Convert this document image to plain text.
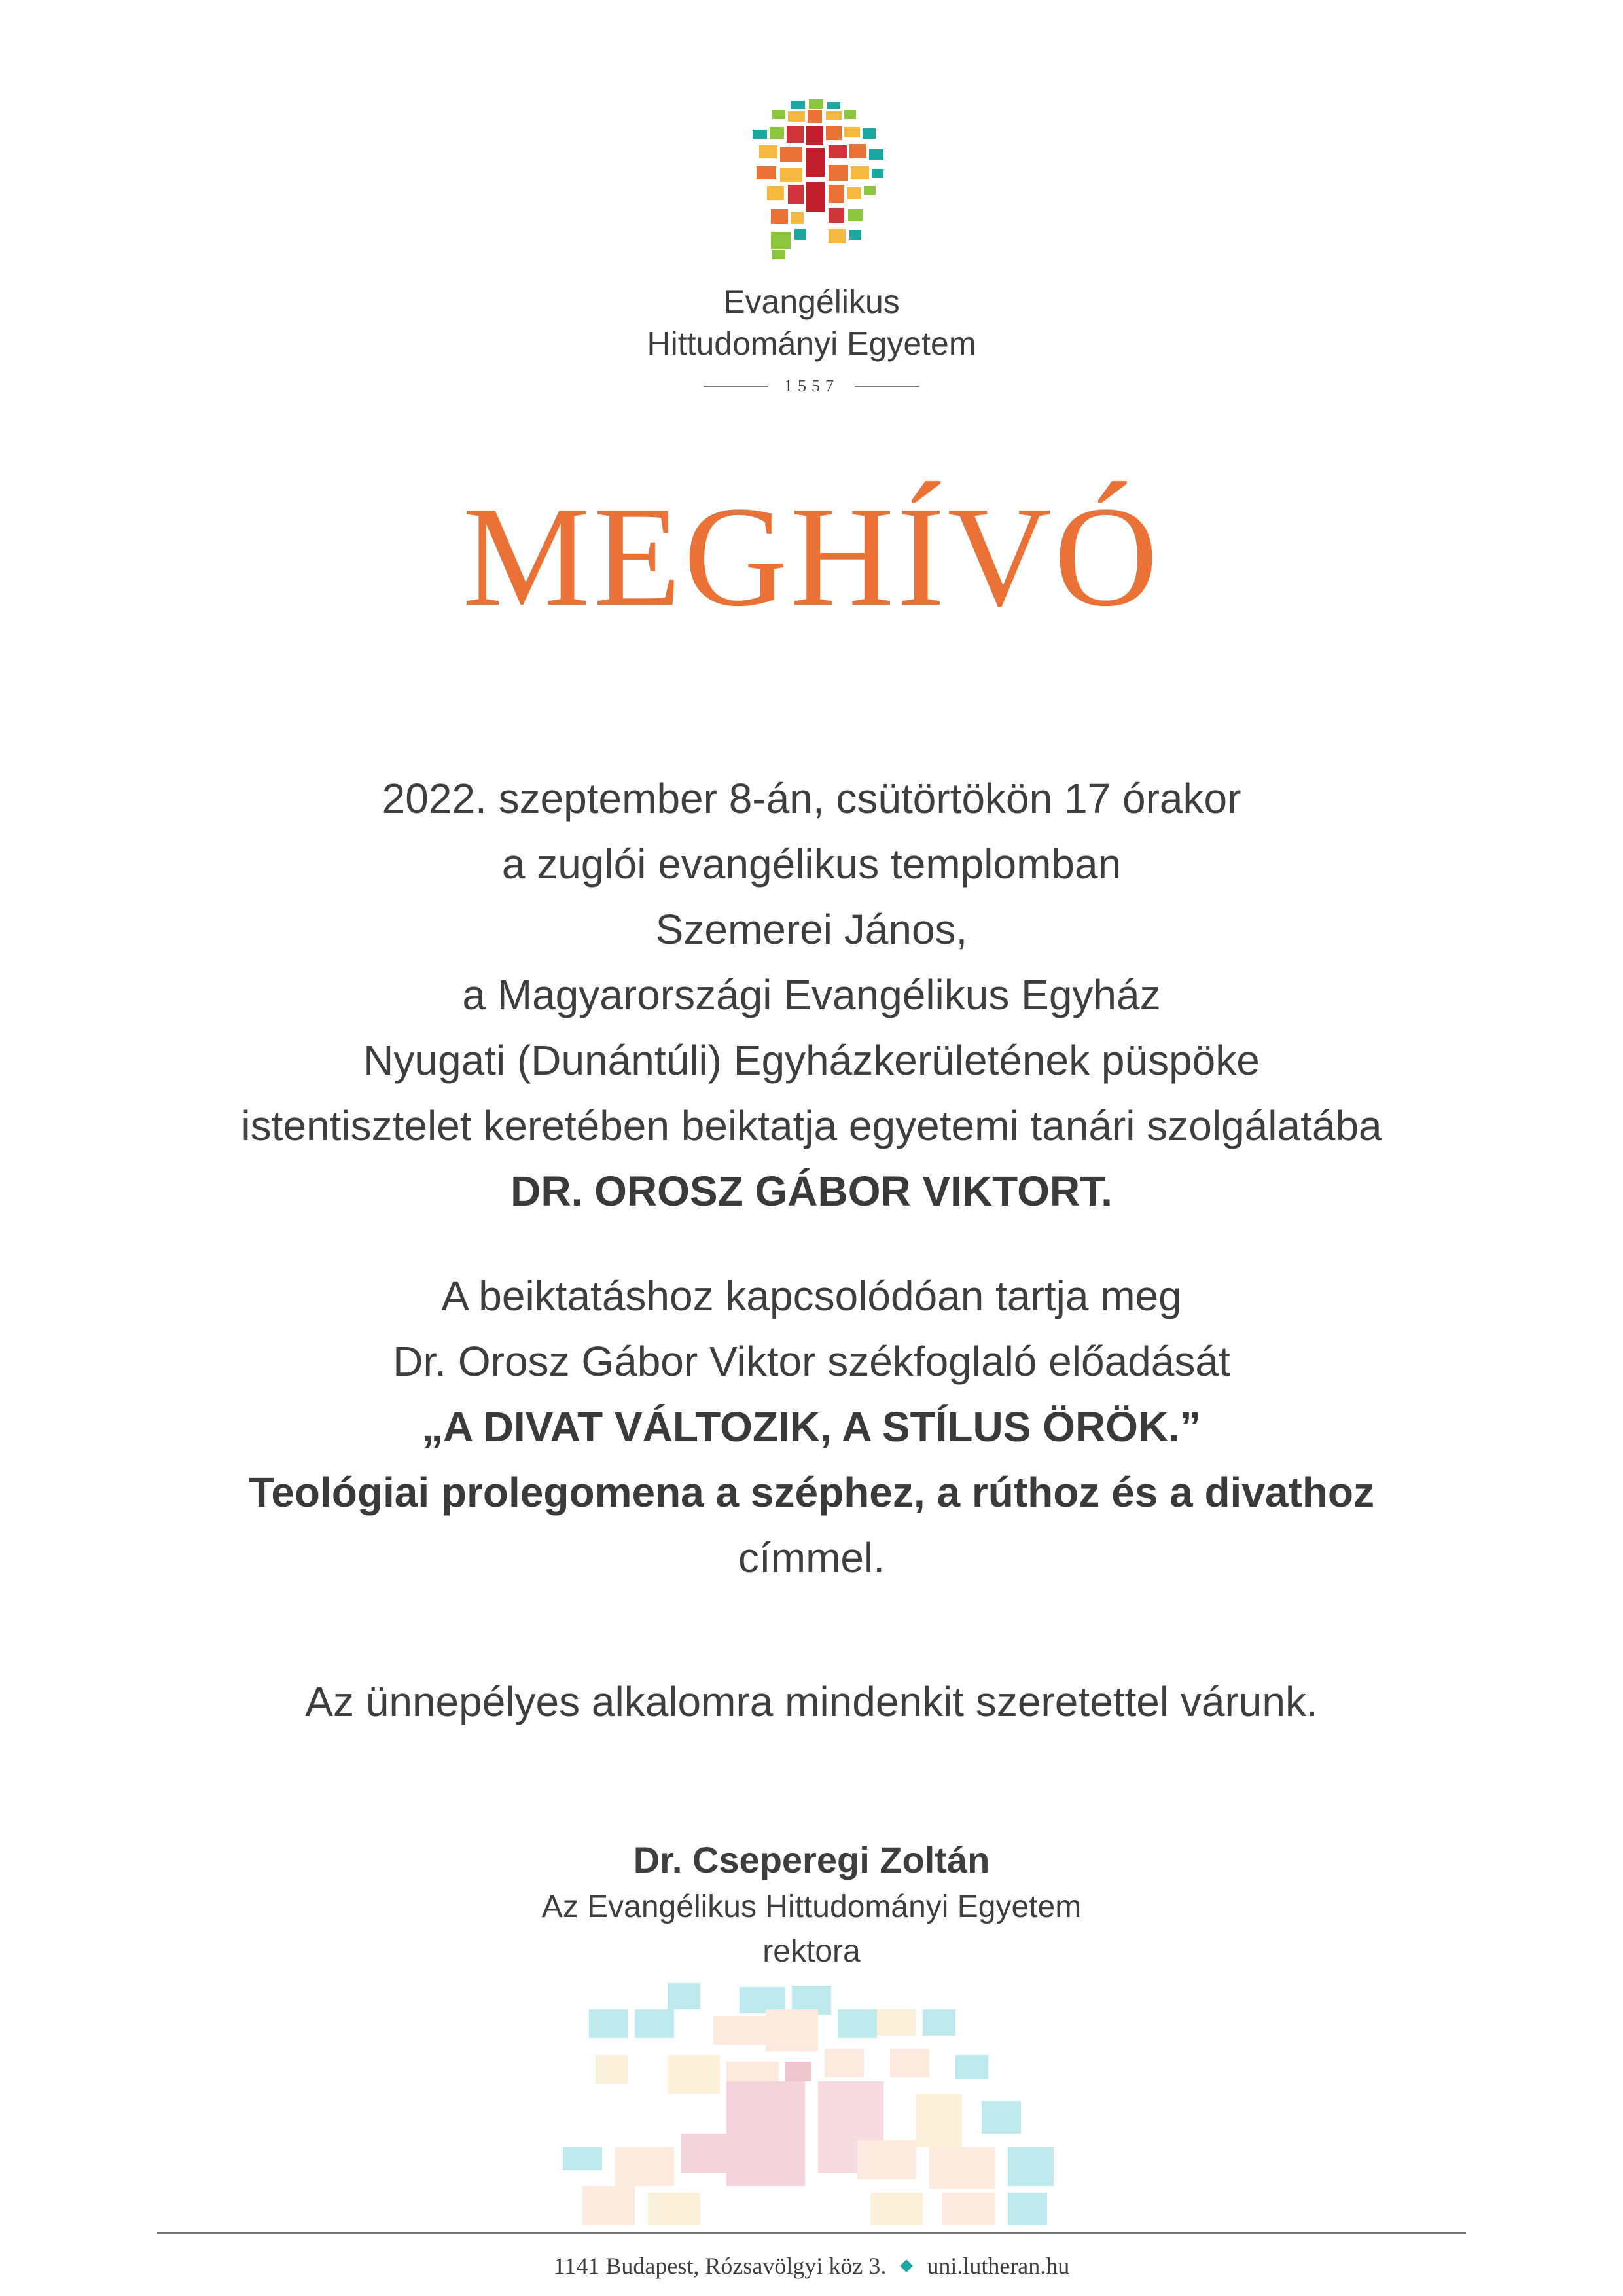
Evangélikus
Hittudományi Egyetem
1557
MEGHÍVÓ
2022. szeptember 8-án, csütörtökön 17 órakor
a zuglói evangélikus templomban
Szemerei János,
a Magyarországi Evangélikus Egyház
Nyugati (Dunántúli) Egyházkerületének püspöke
istentisztelet keretében beiktatja egyetemi tanári szolgálatába
DR. OROSZ GÁBOR VIKTORT.
A beiktatáshoz kapcsolódóan tartja meg
Dr. Orosz Gábor Viktor székfoglaló előadását
„A DIVAT VÁLTOZIK, A STÍLUS ÖRÖK.”
Teológiai prolegomena a széphez, a rúthoz és a divathoz
címmel.
Az ünnepélyes alkalomra mindenkit szeretettel várunk.
Dr. Cseperegi Zoltán
Az Evangélikus Hittudományi Egyetem
rektora
1141 Budapest, Rózsavölgyi köz 3. uni.lutheran.hu
